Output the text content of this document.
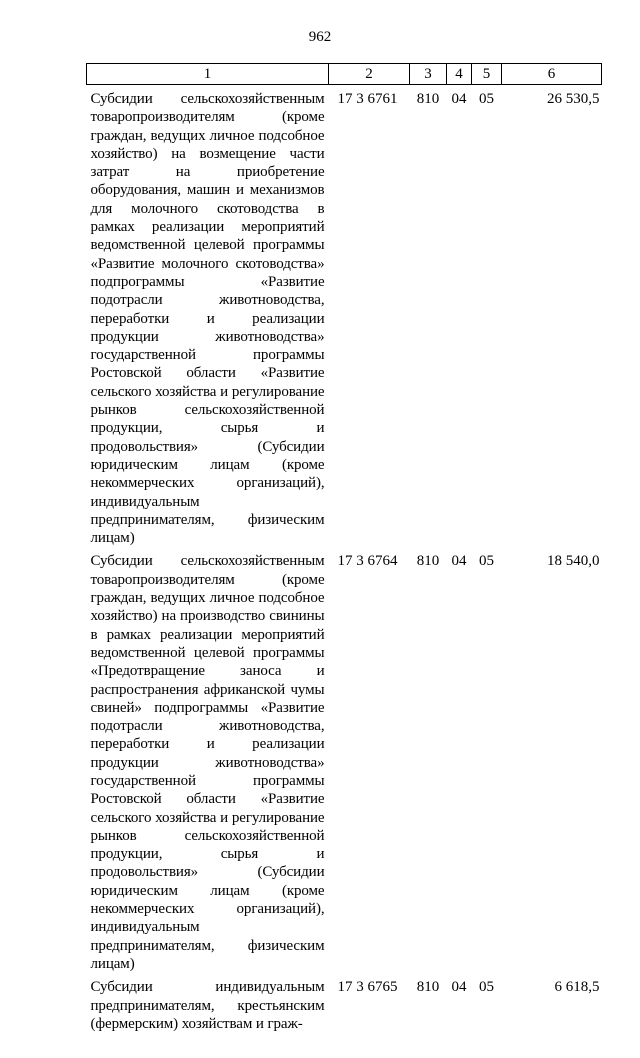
962
1	2	3	4	5	6
Субсидии сельскохозяйственным товаропроизводителям (кроме граждан, ведущих личное подсобное хозяйство) на возмещение части затрат на приобретение оборудования, машин и механизмов для молочного скотоводства в рамках реализации мероприятий ведомственной целевой программы «Развитие молочного скотоводства» подпрограммы «Развитие подотрасли животноводства, переработки и реализации продукции животноводства» государственной программы Ростовской области «Развитие сельского хозяйства и регулирование рынков сельскохозяйственной продукции, сырья и продовольствия» (Субсидии юридическим лицам (кроме некоммерческих организаций), индивидуальным предпринимателям, физическим лицам)	17 3 6761	810	04	05	26 530,5
Субсидии сельскохозяйственным товаропроизводителям (кроме граждан, ведущих личное подсобное хозяйство) на производство свинины в рамках реализации мероприятий ведомственной целевой программы «Предотвращение заноса и распространения африканской чумы свиней» подпрограммы «Развитие подотрасли животноводства, переработки и реализации продукции животноводства» государственной программы Ростовской области «Развитие сельского хозяйства и регулирование рынков сельскохозяйственной продукции, сырья и продовольствия» (Субсидии юридическим лицам (кроме некоммерческих организаций), индивидуальным предпринимателям, физическим лицам)	17 3 6764	810	04	05	18 540,0
Субсидии индивидуальным предпринимателям, крестьянским (фермерским) хозяйствам и граж-	17 3 6765	810	04	05	6 618,5
